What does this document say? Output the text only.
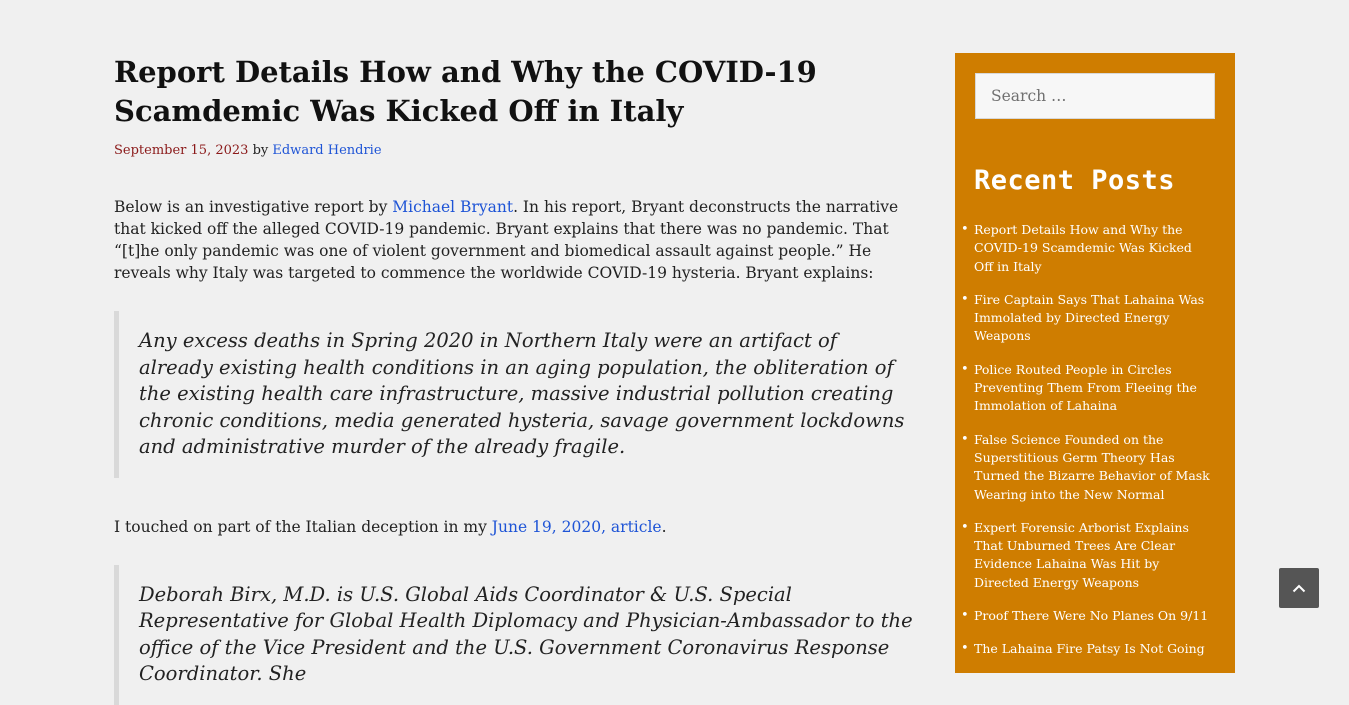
Report Details How and Why the COVID-19 Scamdemic Was Kicked Off in Italy
September 15, 2023 by Edward Hendrie

Below is an investigative report by Michael Bryant. In his report, Bryant deconstructs the narrative that kicked off the alleged COVID-19 pandemic. Bryant explains that there was no pandemic. That “[t]he only pandemic was one of violent government and biomedical assault against people.” He reveals why Italy was targeted to commence the worldwide COVID-19 hysteria. Bryant explains:

Any excess deaths in Spring 2020 in Northern Italy were an artifact of already existing health conditions in an aging population, the obliteration of the existing health care infrastructure, massive industrial pollution creating chronic conditions, media generated hysteria, savage government lockdowns and administrative murder of the already fragile.

I touched on part of the Italian deception in my June 19, 2020, article.

Deborah Birx, M.D. is U.S. Global Aids Coordinator & U.S. Special Representative for Global Health Diplomacy and Physician-Ambassador to the office of the Vice President and the U.S. Government Coronavirus Response Coordinator. She
Search …
Recent Posts
• Report Details How and Why the COVID-19 Scamdemic Was Kicked Off in Italy
• Fire Captain Says That Lahaina Was Immolated by Directed Energy Weapons
• Police Routed People in Circles Preventing Them From Fleeing the Immolation of Lahaina
• False Science Founded on the Superstitious Germ Theory Has Turned the Bizarre Behavior of Mask Wearing into the New Normal
• Expert Forensic Arborist Explains That Unburned Trees Are Clear Evidence Lahaina Was Hit by Directed Energy Weapons
• Proof There Were No Planes On 9/11
• The Lahaina Fire Patsy Is Not Going
